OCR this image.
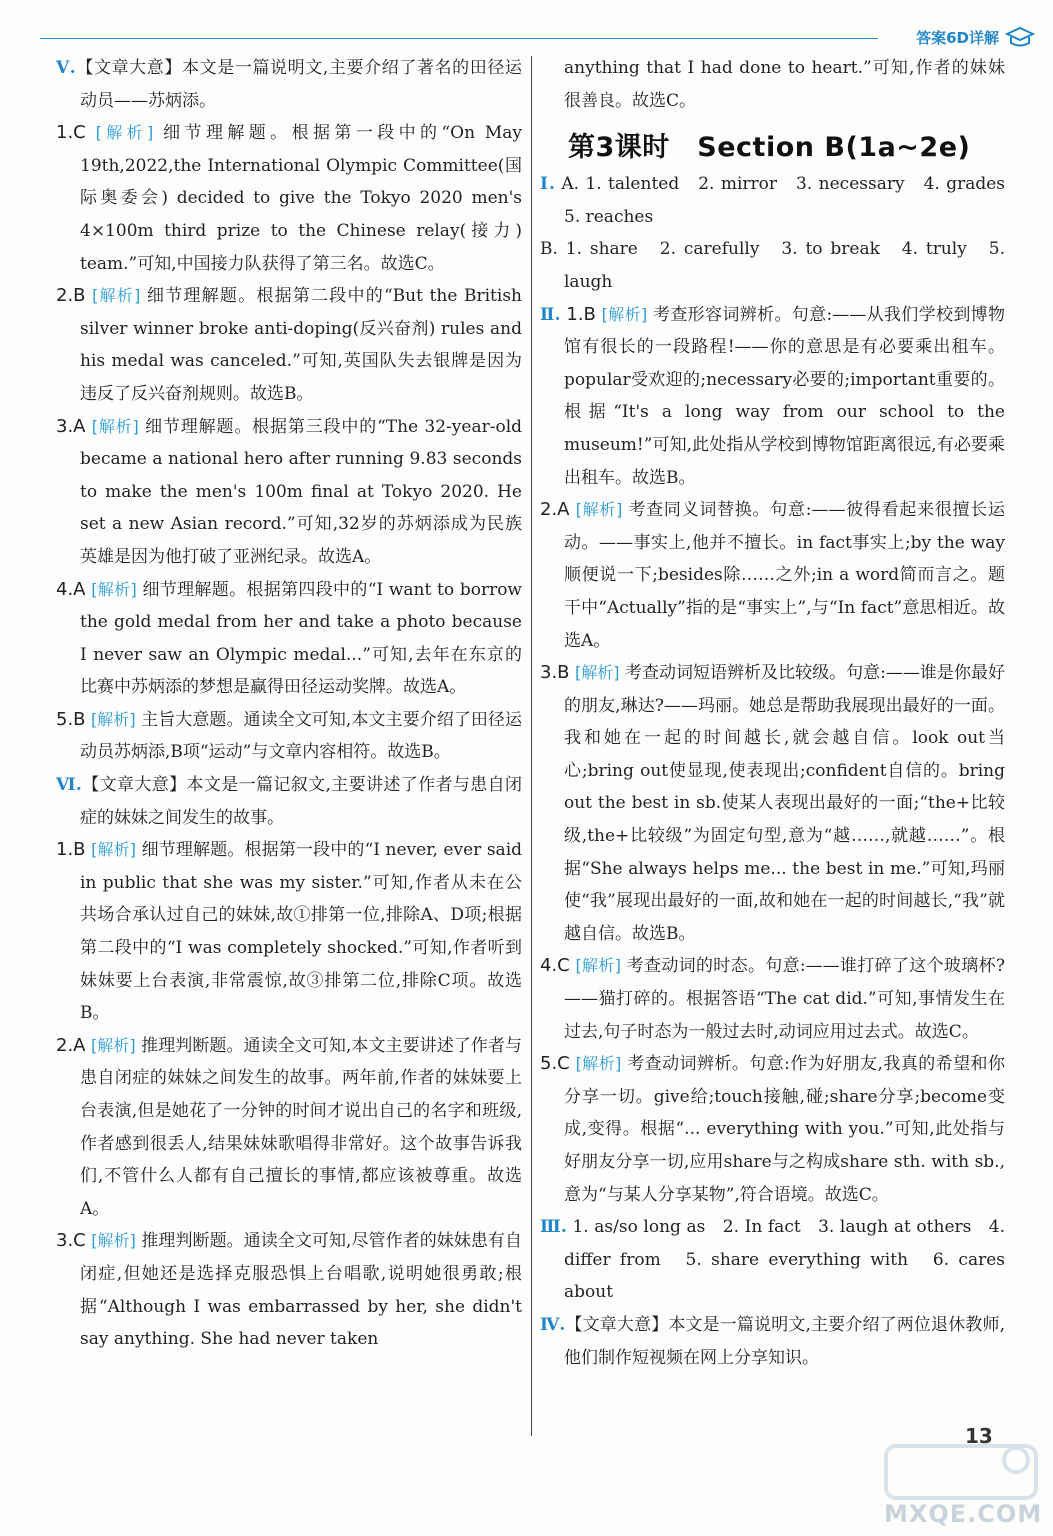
答案6D详解

Ⅴ.【文章大意】本文是一篇说明文,主要介绍了著名的田径运动员——苏炳添。

1.C [解析] 细节理解题。根据第一段中的“On May 19th,2022,the International Olympic Committee(国际奥委会) decided to give the Tokyo 2020 men's 4×100m third prize to the Chinese relay(接力) team.”可知,中国接力队获得了第三名。故选C。

2.B [解析] 细节理解题。根据第二段中的“But the British silver winner broke anti-doping(反兴奋剂) rules and his medal was canceled.”可知,英国队失去银牌是因为违反了反兴奋剂规则。故选B。

3.A [解析] 细节理解题。根据第三段中的“The 32-year-old became a national hero after running 9.83 seconds to make the men's 100m final at Tokyo 2020. He set a new Asian record.”可知,32岁的苏炳添成为民族英雄是因为他打破了亚洲纪录。故选A。

4.A [解析] 细节理解题。根据第四段中的“I want to borrow the gold medal from her and take a photo because I never saw an Olympic medal...”可知,去年在东京的比赛中苏炳添的梦想是赢得田径运动奖牌。故选A。

5.B [解析] 主旨大意题。通读全文可知,本文主要介绍了田径运动员苏炳添,B项“运动”与文章内容相符。故选B。

Ⅵ.【文章大意】本文是一篇记叙文,主要讲述了作者与患自闭症的妹妹之间发生的故事。

1.B [解析] 细节理解题。根据第一段中的“I never, ever said in public that she was my sister.”可知,作者从未在公共场合承认过自己的妹妹,故①排第一位,排除A、D项;根据第二段中的“I was completely shocked.”可知,作者听到妹妹要上台表演,非常震惊,故③排第二位,排除C项。故选B。

2.A [解析] 推理判断题。通读全文可知,本文主要讲述了作者与患自闭症的妹妹之间发生的故事。两年前,作者的妹妹要上台表演,但是她花了一分钟的时间才说出自己的名字和班级,作者感到很丢人,结果妹妹歌唱得非常好。这个故事告诉我们,不管什么人都有自己擅长的事情,都应该被尊重。故选A。

3.C [解析] 推理判断题。通读全文可知,尽管作者的妹妹患有自闭症,但她还是选择克服恐惧上台唱歌,说明她很勇敢;根据“Although I was embarrassed by her, she didn't say anything. She had never taken

anything that I had done to heart.”可知,作者的妹妹很善良。故选C。

第3课时　Section B(1a~2e)

Ⅰ. A. 1. talented　2. mirror　3. necessary　4. grades　5. reaches

B. 1. share　2. carefully　3. to break　4. truly　5. laugh

Ⅱ. 1.B [解析] 考查形容词辨析。句意:——从我们学校到博物馆有很长的一段路程!——你的意思是有必要乘出租车。popular受欢迎的;necessary必要的;important重要的。根据“It's a long way from our school to the museum!”可知,此处指从学校到博物馆距离很远,有必要乘出租车。故选B。

2.A [解析] 考查同义词替换。句意:——彼得看起来很擅长运动。——事实上,他并不擅长。in fact事实上;by the way顺便说一下;besides除……之外;in a word简而言之。题干中“Actually”指的是“事实上”,与“In fact”意思相近。故选A。

3.B [解析] 考查动词短语辨析及比较级。句意:——谁是你最好的朋友,琳达?——玛丽。她总是帮助我展现出最好的一面。我和她在一起的时间越长,就会越自信。look out当心;bring out使显现,使表现出;confident自信的。bring out the best in sb.使某人表现出最好的一面;“the+比较级,the+比较级”为固定句型,意为“越……,就越……”。根据“She always helps me... the best in me.”可知,玛丽使“我”展现出最好的一面,故和她在一起的时间越长,“我”就越自信。故选B。

4.C [解析] 考查动词的时态。句意:——谁打碎了这个玻璃杯?——猫打碎的。根据答语“The cat did.”可知,事情发生在过去,句子时态为一般过去时,动词应用过去式。故选C。

5.C [解析] 考查动词辨析。句意:作为好朋友,我真的希望和你分享一切。give给;touch接触,碰;share分享;become变成,变得。根据“... everything with you.”可知,此处指与好朋友分享一切,应用share与之构成share sth. with sb.,意为“与某人分享某物”,符合语境。故选C。

Ⅲ. 1. as/so long as　2. In fact　3. laugh at others　4. differ from　5. share everything with　6. cares about

Ⅳ.【文章大意】本文是一篇说明文,主要介绍了两位退休教师,他们制作短视频在网上分享知识。

13
MXQE.COM
